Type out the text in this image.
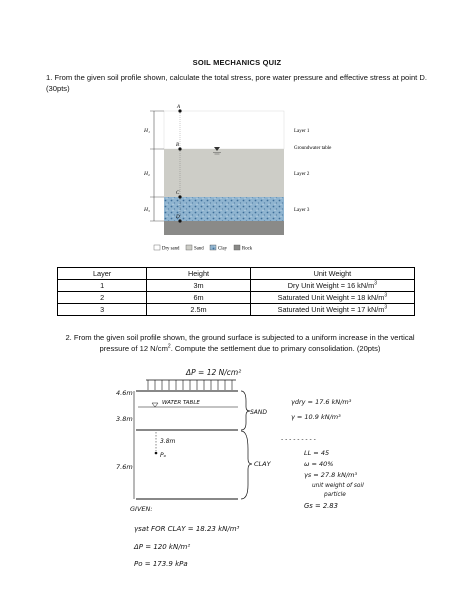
SOIL MECHANICS QUIZ
1. From the given soil profile shown, calculate the total stress, pore water pressure and effective stress at point D. (30pts)
H₁
H₂
H₃
A
B
C
D
Layer 1
Groundwater table
Layer 2
Layer 3
Dry sand	Sand	Clay	Rock
Layer	Height	Unit Weight
1	3m	Dry Unit Weight = 16 $kN/m^3$
2	6m	Saturated Unit Weight = 18 $kN/m^3$
3	2.5m	Saturated Unit Weight = 17 $kN/m^3$
2. From the given soil profile shown, the ground surface is subjected to a uniform increase in the vertical pressure of 12 $N/cm^2$. Compute the settlement due to primary consolidation. (20pts)
ΔP = 12 N/cm²
WATER TABLE
4.6m
3.8m
7.6m
3.8m
Pₒ
SAND
CLAY
γdry = 17.6 kN/m³
γ = 10.9 kN/m³
- - - - - - - - -
LL = 45
ω = 40%
γs = 27.8 kN/m³
unit weight of soil
particle
Gs = 2.83
GIVEN:
γsat FOR CLAY = 18.23 kN/m³
ΔP = 120 kN/m²
Po = 173.9 kPa
